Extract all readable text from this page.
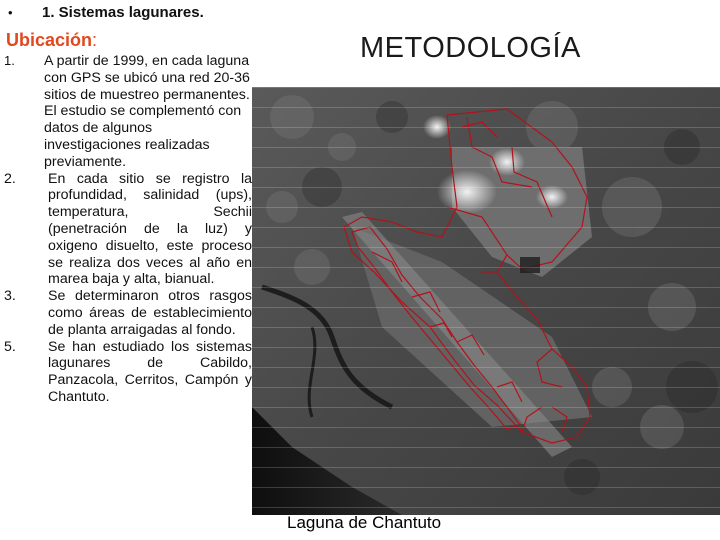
•	1. Sistemas lagunares.
Ubicación:	METODOLOGÍA
1.	A partir de 1999, en cada laguna con GPS se ubicó una red 20-36 sitios de muestreo permanentes. El estudio se complementó con datos de algunos investigaciones realizadas previamente.
2.	En cada sitio se registro la profundidad, salinidad (ups), temperatura, Sechii (penetración de la luz) y oxigeno disuelto, este proceso se realiza dos veces al año en marea baja y alta, bianual.
3.	Se determinaron otros rasgos como áreas de establecimiento de planta arraigadas al fondo.
5.	Se han estudiado los sistemas lagunares de Cabildo, Panzacola, Cerritos, Campón y Chantuto.
Laguna de Chantuto
